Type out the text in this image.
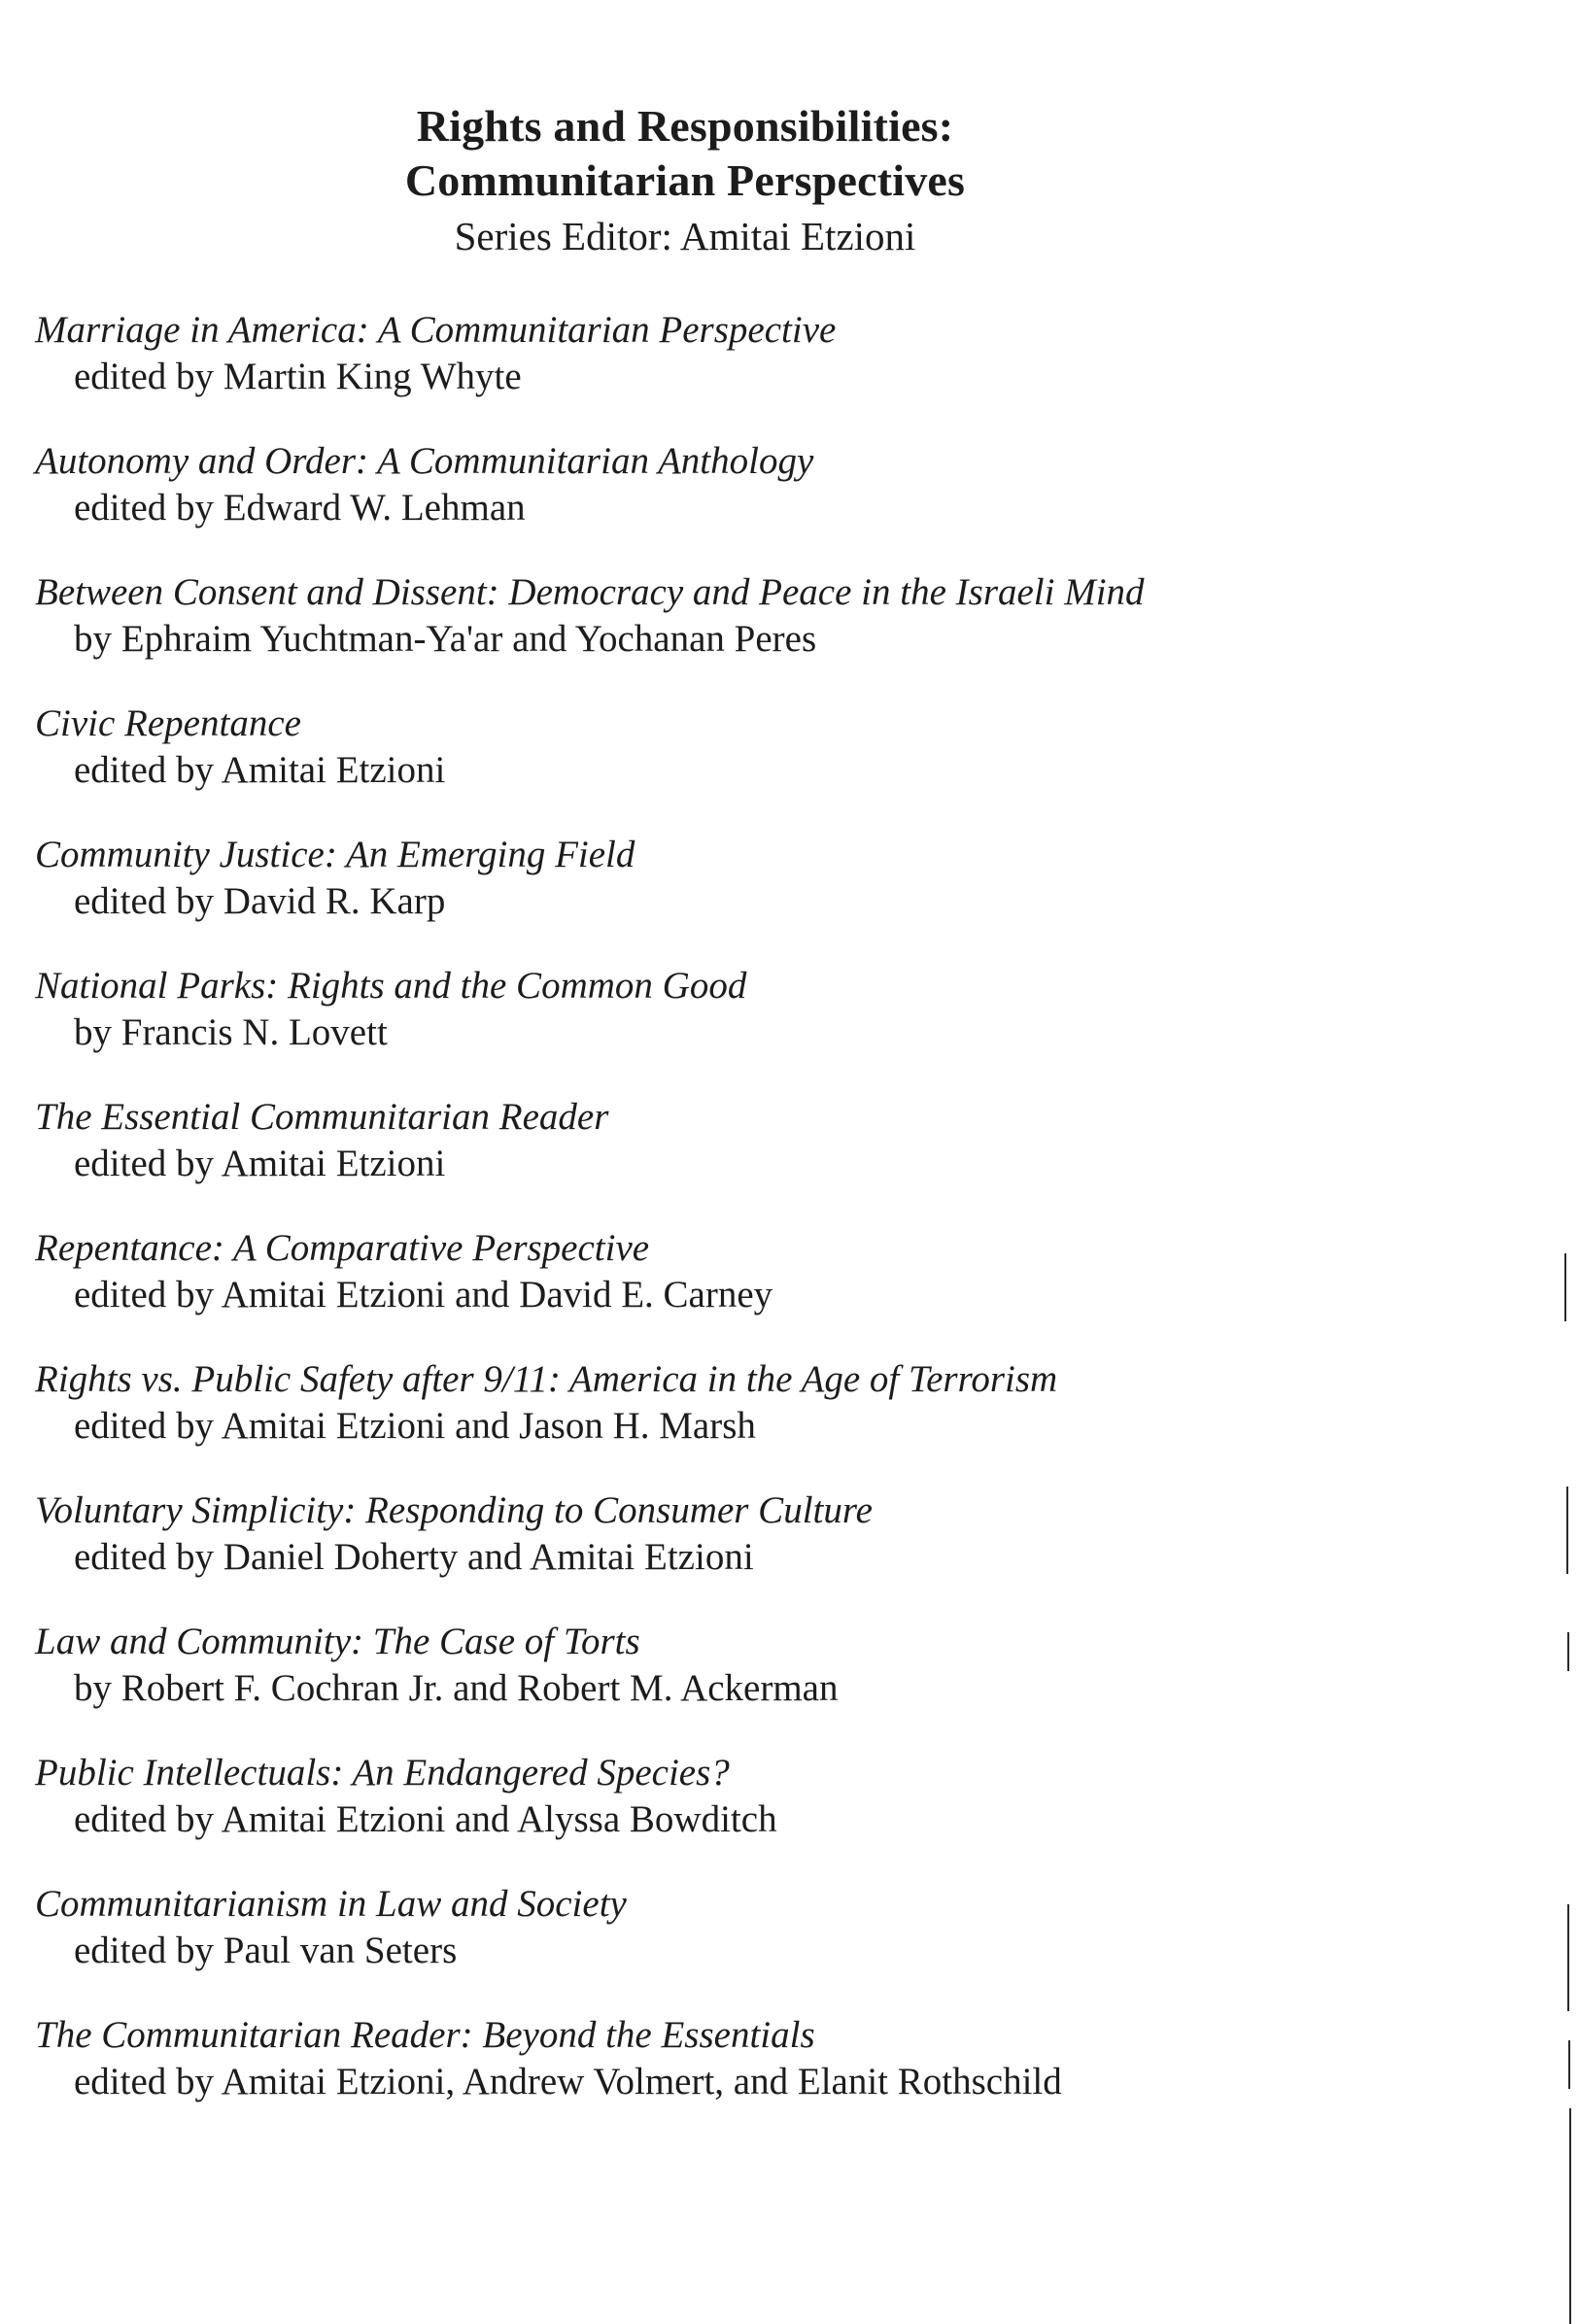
Rights and Responsibilities:
Communitarian Perspectives
Series Editor: Amitai Etzioni
Marriage in America: A Communitarian Perspective
edited by Martin King Whyte
Autonomy and Order: A Communitarian Anthology
edited by Edward W. Lehman
Between Consent and Dissent: Democracy and Peace in the Israeli Mind
by Ephraim Yuchtman-Ya'ar and Yochanan Peres
Civic Repentance
edited by Amitai Etzioni
Community Justice: An Emerging Field
edited by David R. Karp
National Parks: Rights and the Common Good
by Francis N. Lovett
The Essential Communitarian Reader
edited by Amitai Etzioni
Repentance: A Comparative Perspective
edited by Amitai Etzioni and David E. Carney
Rights vs. Public Safety after 9/11: America in the Age of Terrorism
edited by Amitai Etzioni and Jason H. Marsh
Voluntary Simplicity: Responding to Consumer Culture
edited by Daniel Doherty and Amitai Etzioni
Law and Community: The Case of Torts
by Robert F. Cochran Jr. and Robert M. Ackerman
Public Intellectuals: An Endangered Species?
edited by Amitai Etzioni and Alyssa Bowditch
Communitarianism in Law and Society
edited by Paul van Seters
The Communitarian Reader: Beyond the Essentials
edited by Amitai Etzioni, Andrew Volmert, and Elanit Rothschild
